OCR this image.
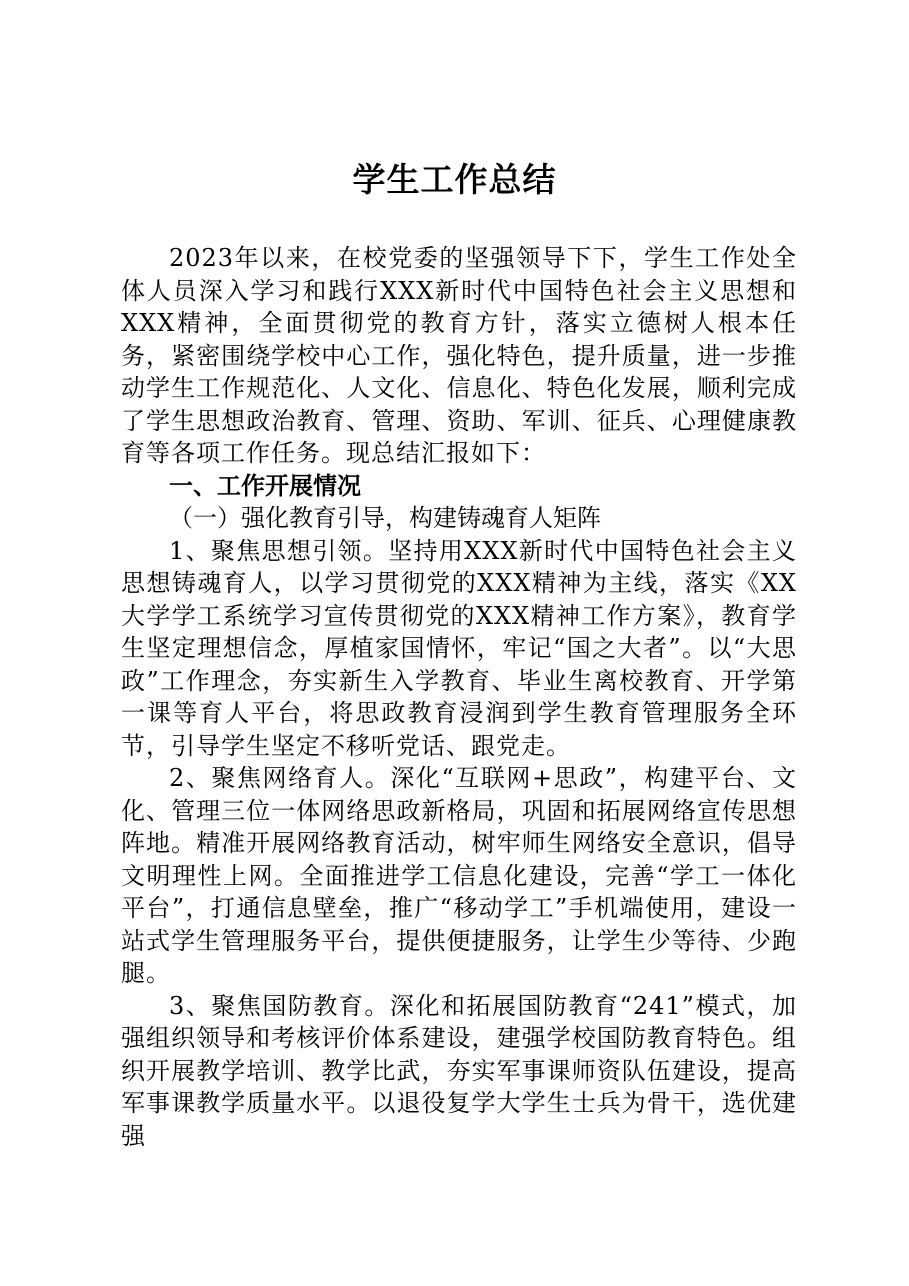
学生工作总结

2023年以来，在校党委的坚强领导下下，学生工作处全体人员深入学习和践行XXX新时代中国特色社会主义思想和XXX精神，全面贯彻党的教育方针，落实立德树人根本任务，紧密围绕学校中心工作，强化特色，提升质量，进一步推动学生工作规范化、人文化、信息化、特色化发展，顺利完成了学生思想政治教育、管理、资助、军训、征兵、心理健康教育等各项工作任务。现总结汇报如下：

一、工作开展情况

（一）强化教育引导，构建铸魂育人矩阵

1、聚焦思想引领。坚持用XXX新时代中国特色社会主义思想铸魂育人，以学习贯彻党的XXX精神为主线，落实《XX大学学工系统学习宣传贯彻党的XXX精神工作方案》，教育学生坚定理想信念，厚植家国情怀，牢记“国之大者”。以“大思政”工作理念，夯实新生入学教育、毕业生离校教育、开学第一课等育人平台，将思政教育浸润到学生教育管理服务全环节，引导学生坚定不移听党话、跟党走。

2、聚焦网络育人。深化“互联网+思政”，构建平台、文化、管理三位一体网络思政新格局，巩固和拓展网络宣传思想阵地。精准开展网络教育活动，树牢师生网络安全意识，倡导文明理性上网。全面推进学工信息化建设，完善“学工一体化平台”，打通信息壁垒，推广“移动学工”手机端使用，建设一站式学生管理服务平台，提供便捷服务，让学生少等待、少跑腿。

3、聚焦国防教育。深化和拓展国防教育“241”模式，加强组织领导和考核评价体系建设，建强学校国防教育特色。组织开展教学培训、教学比武，夯实军事课师资队伍建设，提高军事课教学质量水平。以退役复学大学生士兵为骨干，选优建强
